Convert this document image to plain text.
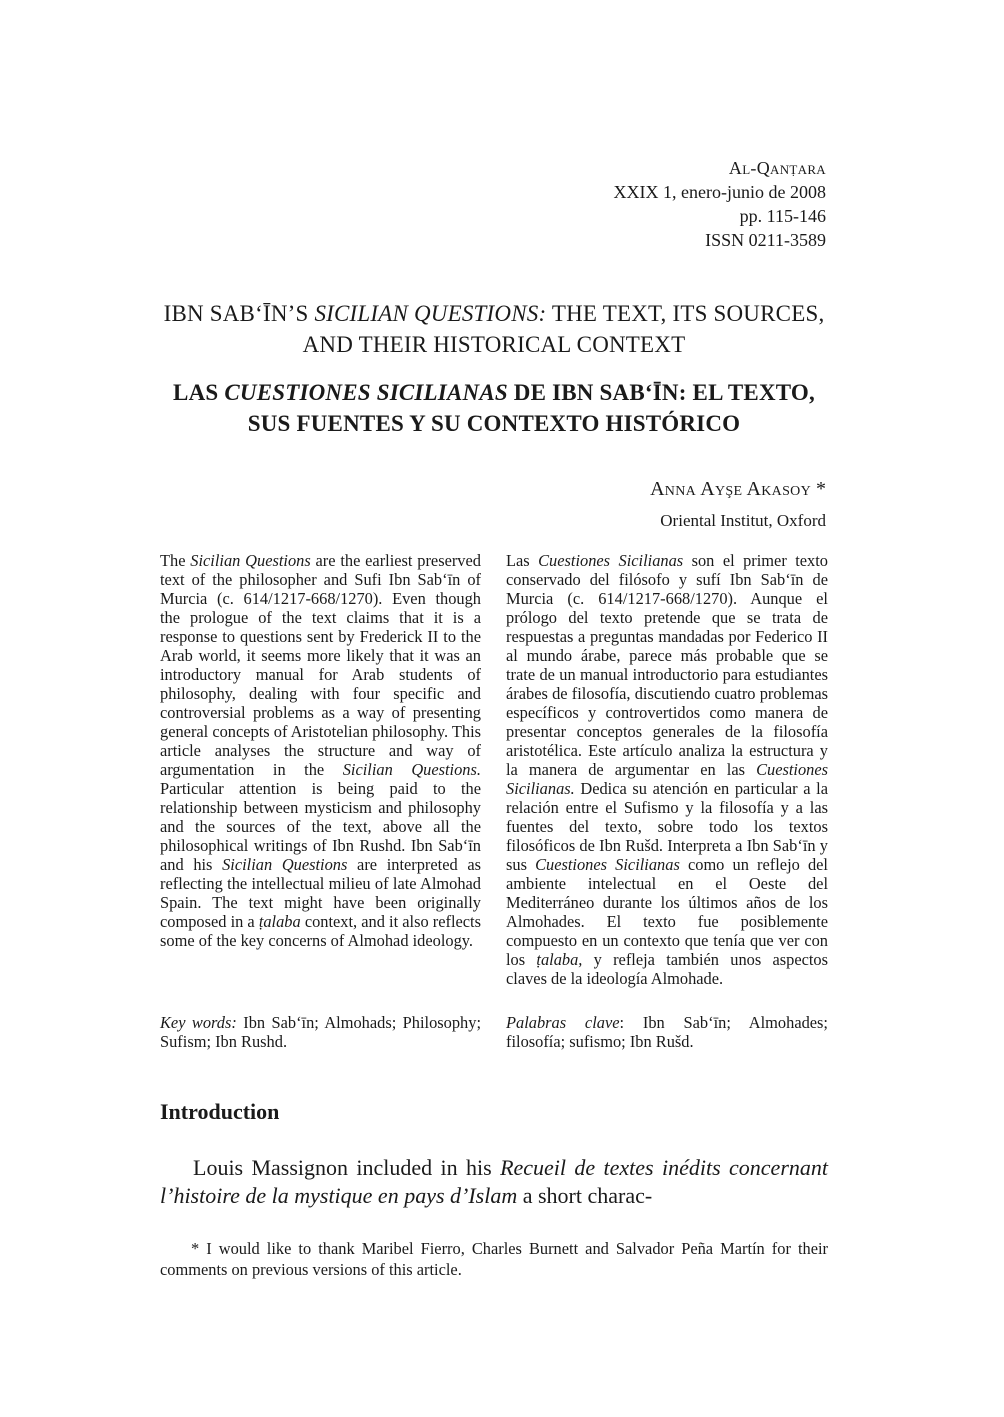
Al-Qanṭara
XXIX 1, enero-junio de 2008
pp. 115-146
ISSN 0211-3589
IBN SAB‘ĪN’S SICILIAN QUESTIONS: THE TEXT, ITS SOURCES, AND THEIR HISTORICAL CONTEXT
LAS CUESTIONES SICILIANAS DE IBN SAB‘ĪN: EL TEXTO, SUS FUENTES Y SU CONTEXTO HISTÓRICO
Anna Ayşe Akasoy *
Oriental Institut, Oxford
The Sicilian Questions are the earliest preserved text of the philosopher and Sufi Ibn Sab‘īn of Murcia (c. 614/1217-668/1270). Even though the prologue of the text claims that it is a response to questions sent by Frederick II to the Arab world, it seems more likely that it was an introductory manual for Arab students of philosophy, dealing with four specific and controversial problems as a way of presenting general concepts of Aristotelian philosophy. This article analyses the structure and way of argumentation in the Sicilian Questions. Particular attention is being paid to the relationship between mysticism and philosophy and the sources of the text, above all the philosophical writings of Ibn Rushd. Ibn Sab‘īn and his Sicilian Questions are interpreted as reflecting the intellectual milieu of late Almohad Spain. The text might have been originally composed in a ṭalaba context, and it also reflects some of the key concerns of Almohad ideology.
Las Cuestiones Sicilianas son el primer texto conservado del filósofo y sufí Ibn Sab‘īn de Murcia (c. 614/1217-668/1270). Aunque el prólogo del texto pretende que se trata de respuestas a preguntas mandadas por Federico II al mundo árabe, parece más probable que se trate de un manual introductorio para estudiantes árabes de filosofía, discutiendo cuatro problemas específicos y controvertidos como manera de presentar conceptos generales de la filosofía aristotélica. Este artículo analiza la estructura y la manera de argumentar en las Cuestiones Sicilianas. Dedica su atención en particular a la relación entre el Sufismo y la filosofía y a las fuentes del texto, sobre todo los textos filosóficos de Ibn Rušd. Interpreta a Ibn Sab‘īn y sus Cuestiones Sicilianas como un reflejo del ambiente intelectual en el Oeste del Mediterráneo durante los últimos años de los Almohades. El texto fue posiblemente compuesto en un contexto que tenía que ver con los ṭalaba, y refleja también unos aspectos claves de la ideología Almohade.
Key words: Ibn Sab‘īn; Almohads; Philosophy; Sufism; Ibn Rushd.
Palabras clave: Ibn Sab‘īn; Almohades; filosofía; sufismo; Ibn Rušd.
Introduction
Louis Massignon included in his Recueil de textes inédits concernant l’histoire de la mystique en pays d’Islam a short charac-
* I would like to thank Maribel Fierro, Charles Burnett and Salvador Peña Martín for their comments on previous versions of this article.
